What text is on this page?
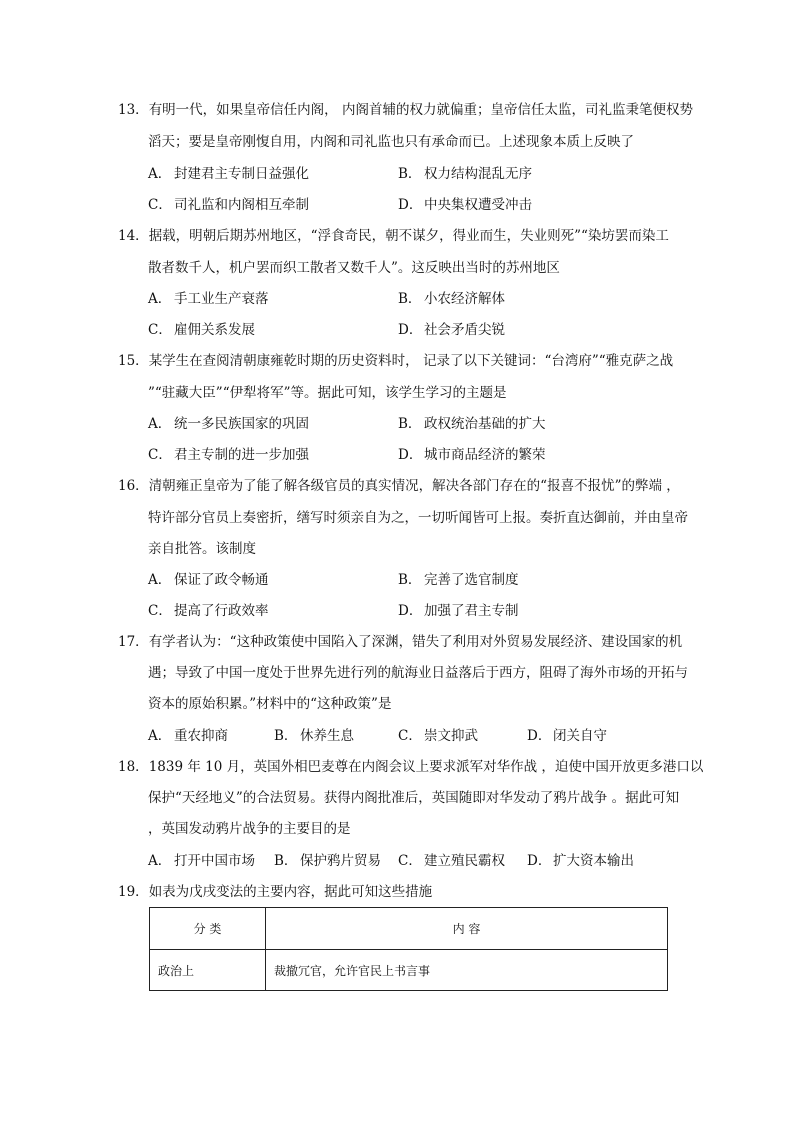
13．有明一代，如果皇帝信任内阁， 内阁首辅的权力就偏重；皇帝信任太监，司礼监秉笔便权势
滔天；要是皇帝刚愎自用，内阁和司礼监也只有承命而已。上述现象本质上反映了
A． 封建君主专制日益强化	B． 权力结构混乱无序
C． 司礼监和内阁相互牵制	D． 中央集权遭受冲击
14．据载，明朝后期苏州地区，“浮食奇民，朝不谋夕，得业而生，失业则死”“染坊罢而染工
散者数千人，机户罢而织工散者又数千人”。这反映出当时的苏州地区
A． 手工业生产衰落	B． 小农经济解体
C． 雇佣关系发展	D． 社会矛盾尖锐
15．某学生在查阅清朝康雍乾时期的历史资料时， 记录了以下关键词：“台湾府”“雅克萨之战
”“驻藏大臣”“伊犁将军”等。据此可知，该学生学习的主题是
A． 统一多民族国家的巩固	B． 政权统治基础的扩大
C． 君主专制的进一步加强	D． 城市商品经济的繁荣
16．清朝雍正皇帝为了能了解各级官员的真实情况，解决各部门存在的“报喜不报忧”的弊端 ，
特许部分官员上奏密折，缮写时须亲自为之，一切听闻皆可上报。奏折直达御前，并由皇帝
亲自批答。该制度
A． 保证了政令畅通	B． 完善了选官制度
C． 提高了行政效率	D． 加强了君主专制
17．有学者认为：“这种政策使中国陷入了深渊，错失了利用对外贸易发展经济、建设国家的机
遇；导致了中国一度处于世界先进行列的航海业日益落后于西方，阻碍了海外市场的开拓与
资本的原始积累。”材料中的“这种政策”是
A． 重农抑商	B． 休养生息	C． 崇文抑武	D． 闭关自守
18．1839 年 10 月，英国外相巴麦尊在内阁会议上要求派军对华作战 ，迫使中国开放更多港口以
保护“天经地义”的合法贸易。获得内阁批准后，英国随即对华发动了鸦片战争 。据此可知
，英国发动鸦片战争的主要目的是
A． 打开中国市场 B． 保护鸦片贸易 C． 建立殖民霸权 D． 扩大资本输出
19．如表为戊戌变法的主要内容，据此可知这些措施
分 类	内 容
政治上	裁撤冗官，允许官民上书言事
